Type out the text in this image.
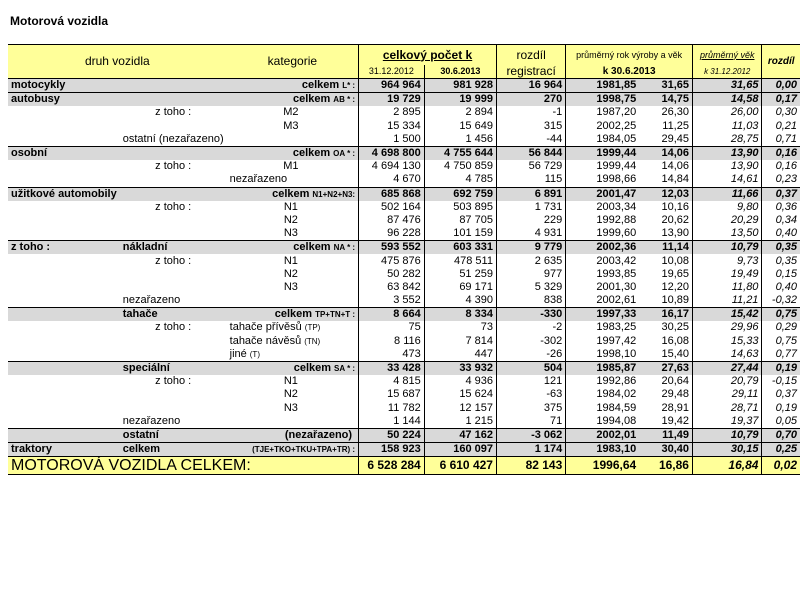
Motorová vozidla
druh vozidla		kategorie	celkový počet k		rozdíl	průměrný rok výroby a věk		průměrný věk	rozdíl
			31.12.2012	30.6.2013	registrací	k 30.6.2013		k 31.12.2012	
motocykly		celkem L* :	964 964	981 928	16 964	1981,85	31,65	31,65	0,00
autobusy		celkem AB * :	19 729	19 999	270	1998,75	14,75	14,58	0,17
	z toho :	M2	2 895	2 894	-1	1987,20	26,30	26,00	0,30
		M3	15 334	15 649	315	2002,25	11,25	11,03	0,21
	ostatní (nezařazeno)		1 500	1 456	-44	1984,05	29,45	28,75	0,71
osobní		celkem OA * :	4 698 800	4 755 644	56 844	1999,44	14,06	13,90	0,16
	z toho :	M1	4 694 130	4 750 859	56 729	1999,44	14,06	13,90	0,16
		nezařazeno	4 670	4 785	115	1998,66	14,84	14,61	0,23
užitkové automobily		celkem N1+N2+N3:	685 868	692 759	6 891	2001,47	12,03	11,66	0,37
	z toho :	N1	502 164	503 895	1 731	2003,34	10,16	9,80	0,36
		N2	87 476	87 705	229	1992,88	20,62	20,29	0,34
		N3	96 228	101 159	4 931	1999,60	13,90	13,50	0,40
z toho :	nákladní	celkem NA * :	593 552	603 331	9 779	2002,36	11,14	10,79	0,35
	z toho :	N1	475 876	478 511	2 635	2003,42	10,08	9,73	0,35
		N2	50 282	51 259	977	1993,85	19,65	19,49	0,15
		N3	63 842	69 171	5 329	2001,30	12,20	11,80	0,40
	nezařazeno		3 552	4 390	838	2002,61	10,89	11,21	-0,32
	tahače	celkem TP+TN+T :	8 664	8 334	-330	1997,33	16,17	15,42	0,75
	z toho :	tahače přívěsů (TP)	75	73	-2	1983,25	30,25	29,96	0,29
		tahače návěsů (TN)	8 116	7 814	-302	1997,42	16,08	15,33	0,75
		jiné (T)	473	447	-26	1998,10	15,40	14,63	0,77
	speciální	celkem SA * :	33 428	33 932	504	1985,87	27,63	27,44	0,19
	z toho :	N1	4 815	4 936	121	1992,86	20,64	20,79	-0,15
		N2	15 687	15 624	-63	1984,02	29,48	29,11	0,37
		N3	11 782	12 157	375	1984,59	28,91	28,71	0,19
	nezařazeno		1 144	1 215	71	1994,08	19,42	19,37	0,05
	ostatní	(nezařazeno)	50 224	47 162	-3 062	2002,01	11,49	10,79	0,70
traktory	celkem	(TJE+TKO+TKU+TPA+TR) :	158 923	160 097	1 174	1983,10	30,40	30,15	0,25
MOTOROVÁ VOZIDLA CELKEM:			6 528 284	6 610 427	82 143	1996,64	16,86	16,84	0,02
